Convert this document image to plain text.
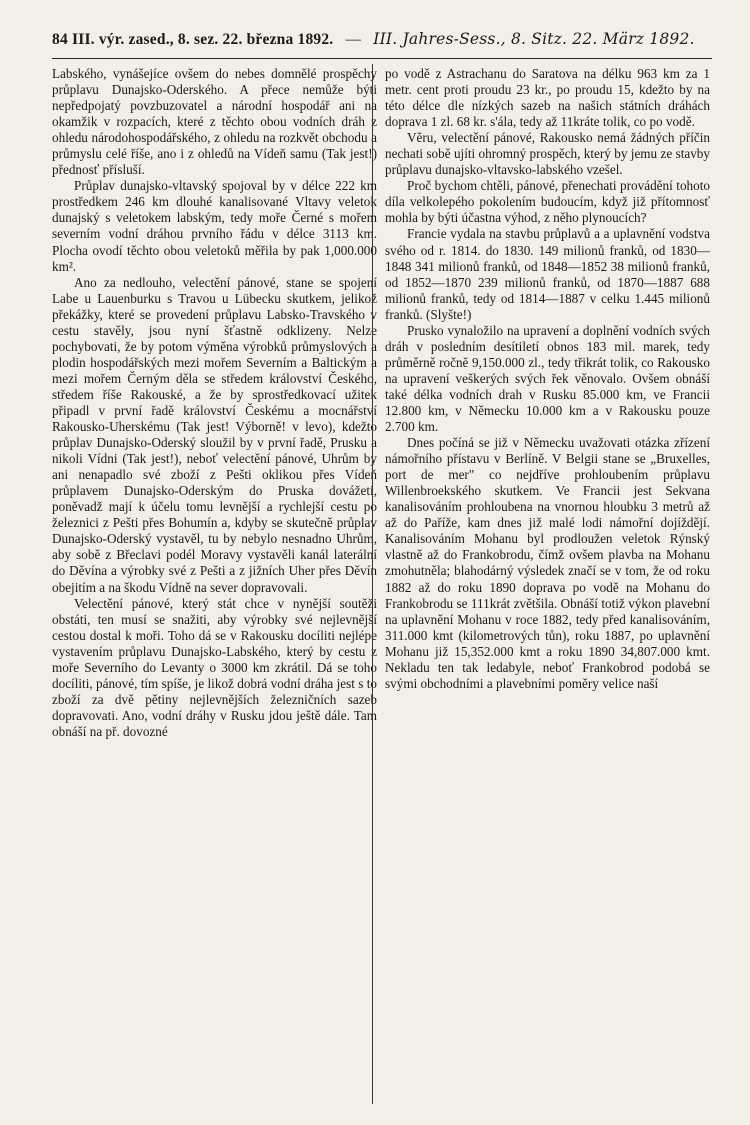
84 III. výr. zased., 8. sez. 22. března 1892. — III. Jahres-Sess., 8. Sitz. 22. März 1892.

Labského, vynášejíce ovšem do nebes domnělé prospěchy průplavu Dunajsko-Oderského. A přece nemůže býti nepředpojatý povzbuzovatel a národní hospodář ani na okamžik v rozpacích, které z těchto obou vodních dráh z ohledu národohospodářského, z ohledu na rozkvět obchodu a průmyslu celé říše, ano i z ohledů na Vídeň samu (Tak jest!) přednosť přísluší.

Průplav dunajsko-vltavský spojoval by v délce 222 km prostředkem 246 km dlouhé kanalisované Vltavy veletok dunajský s veletokem labským, tedy moře Černé s mořem severním vodní dráhou prvního řádu v délce 3113 km. Plocha ovodí těchto obou veletoků měřila by pak 1,000.000 km².

Ano za nedlouho, velectění pánové, stane se spojení Labe u Lauenburku s Travou u Lübecku skutkem, jelikož překážky, které se provedení průplavu Labsko-Travského v cestu stavěly, jsou nyní šťastně odklizeny. Nelze pochybovati, že by potom výměna výrobků průmyslových a plodin hospodářských mezi mořem Severním a Baltickým a mezi mořem Černým děla se středem království Českého, středem říše Rakouské, a že by sprostředkovací užitek připadl v první řadě království Českému a mocnářství Rakousko-Uherskému (Tak jest! Výborně! v levo), kdežto průplav Dunajsko-Oderský sloužil by v první řadě, Prusku a nikoli Vídni (Tak jest!), neboť velectění pánové, Uhrům by ani nenapadlo své zboží z Pešti oklikou přes Vídeň průplavem Dunajsko-Oderským do Pruska dovážeti, poněvadž mají k účelu tomu levnější a rychlejší cestu po železnici z Pešti přes Bohumín a, kdyby se skutečně průplav Dunajsko-Oderský vystavěl, tu by nebylo nesnadno Uhrům, aby sobě z Břeclavi podél Moravy vystavěli kanál laterální do Děvína a výrobky své z Pešti a z jižních Uher přes Děvín obejitím a na škodu Vídně na sever dopravovali.

Velectění pánové, který stát chce v nynější soutěži obstáti, ten musí se snažiti, aby výrobky své nejlevnější cestou dostal k moři. Toho dá se v Rakousku docíliti nejlépe vystavením průplavu Dunajsko-Labského, který by cestu z moře Severního do Levanty o 3000 km zkrátil. Dá se toho docíliti, pánové, tím spíše, je likož dobrá vodní dráha jest s to zboží za dvě pětiny nejlevnějších železničních sazeb dopravovati. Ano, vodní dráhy v Rusku jdou ještě dále. Tam obnáší na př. dovozné

po vodě z Astrachanu do Saratova na délku 963 km za 1 metr. cent proti proudu 23 kr., po proudu 15, kdežto by na této délce dle nízkých sazeb na našich státních dráhách doprava 1 zl. 68 kr. s'ála, tedy až 11kráte tolik, co po vodě.

Věru, velectění pánové, Rakousko nemá žádných příčin nechati sobě ujíti ohromný prospěch, který by jemu ze stavby průplavu dunajsko-vltavsko-labského vzešel.

Proč bychom chtěli, pánové, přenechati provádění tohoto díla velkolepého pokolením budoucím, když již přítomnosť mohla by býti účastna výhod, z něho plynoucích?

Francie vydala na stavbu průplavů a a uplavnění vodstva svého od r. 1814. do 1830. 149 milionů franků, od 1830—1848 341 milionů franků, od 1848—1852 38 milionů franků, od 1852—1870 239 milionů franků, od 1870—1887 688 milionů franků, tedy od 1814—1887 v celku 1.445 milionů franků. (Slyšte!)

Prusko vynaložilo na upravení a doplnění vodních svých dráh v posledním desítiletí obnos 183 mil. marek, tedy průměrně ročně 9,150.000 zl., tedy třikrát tolik, co Rakousko na upravení veškerých svých řek věnovalo. Ovšem obnáší také délka vodních drah v Rusku 85.000 km, ve Francii 12.800 km, v Německu 10.000 km a v Rakousku pouze 2.700 km.

Dnes počíná se již v Německu uvažovati otázka zřízení námořního přístavu v Berlíně. V Belgii stane se „Bruxelles, port de mer" co nejdříve prohloubením průplavu Willenbroekského skutkem. Ve Francii jest Sekvana kanalisováním prohloubena na vnornou hloubku 3 metrů až až do Paříže, kam dnes již malé lodi námořní dojíždějí. Kanalisováním Mohanu byl prodloužen veletok Rýnský vlastně až do Frankobrodu, čímž ovšem plavba na Mohanu zmohutněla; blahodárný výsledek značí se v tom, že od roku 1882 až do roku 1890 doprava po vodě na Mohanu do Frankobrodu se 111krát zvětšila. Obnáší totiž výkon plavební na uplavnění Mohanu v roce 1882, tedy před kanalisováním, 311.000 kmt (kilometrových tůn), roku 1887, po uplavnění Mohanu již 15,352.000 kmt a roku 1890 34,807.000 kmt. Nekladu ten tak ledabyle, neboť Frankobrod podobá se svými obchodními a plavebními poměry velice naší
